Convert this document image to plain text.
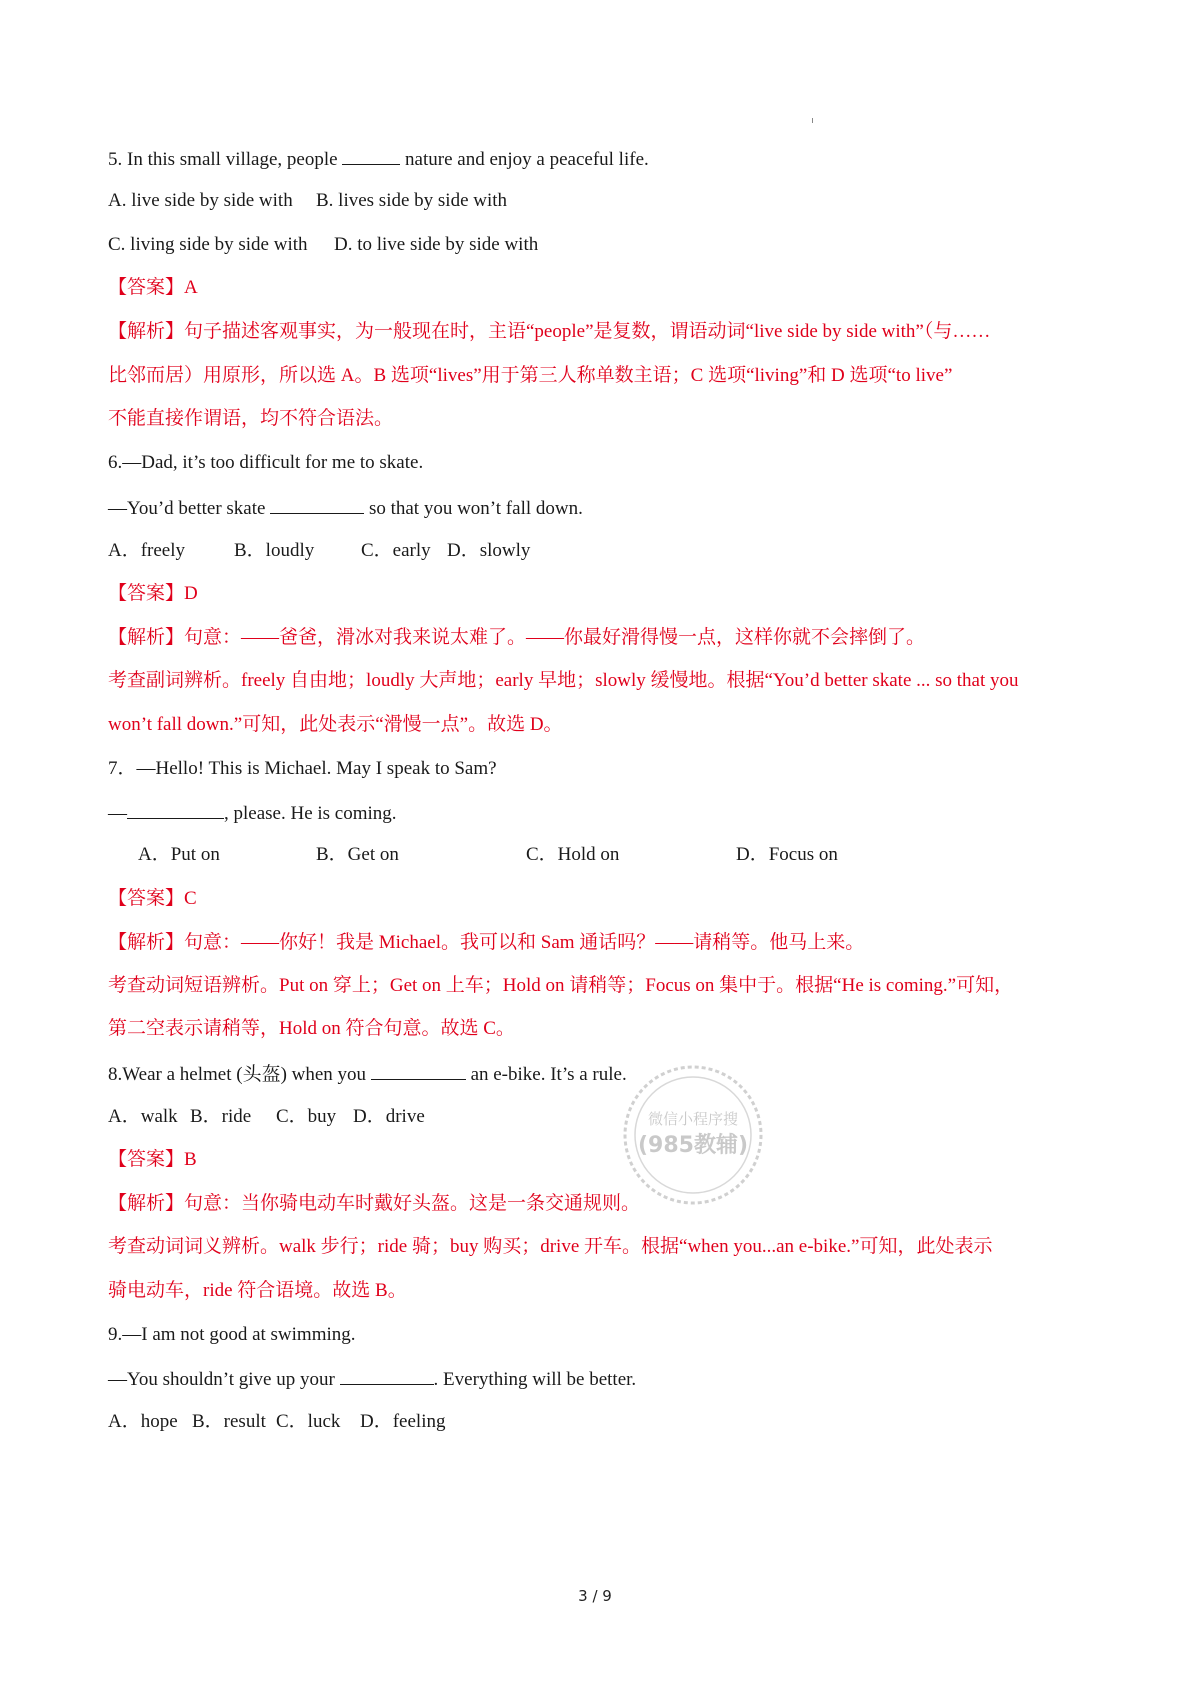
5. In this small village, people	nature and enjoy a peaceful life.
A. live side by side with B. lives side by side with
C. living side by side with D. to live side by side with
【答案】A
【解析】句子描述客观事实，为一般现在时，主语“people”是复数，谓语动词“live side by side with”（与……
比邻而居）用原形，所以选 A。B 选项“lives”用于第三人称单数主语；C 选项“living”和 D 选项“to live”
不能直接作谓语，均不符合语法。
6.—Dad, it’s too difficult for me to skate.
—You’d better skate	so that you won’t fall down.
A．freely	B．loudly C．early D．slowly
【答案】D
【解析】句意：——爸爸，滑冰对我来说太难了。——你最好滑得慢一点，这样你就不会摔倒了。
考查副词辨析。freely 自由地；loudly 大声地；early 早地；slowly 缓慢地。根据“You’d better skate ... so that you
won’t fall down.”可知，此处表示“滑慢一点”。故选 D。
7．—Hello! This is Michael. May I speak to Sam?
—	, please. He is coming.
A．Put on	B．Get on	C．Hold on	D．Focus on
【答案】C
【解析】句意：——你好！我是 Michael。我可以和 Sam 通话吗？——请稍等。他马上来。
考查动词短语辨析。Put on 穿上；Get on 上车；Hold on 请稍等；Focus on 集中于。根据“He is coming.”可知，
第二空表示请稍等，Hold on 符合句意。故选 C。
8.Wear a helmet (头盔) when you	an e-bike. It’s a rule.
A．walk B．ride C．buy D．drive
【答案】B
【解析】句意：当你骑电动车时戴好头盔。这是一条交通规则。
考查动词词义辨析。walk 步行；ride 骑；buy 购买；drive 开车。根据“when you...an e-bike.”可知，此处表示
骑电动车，ride 符合语境。故选 B。
9.—I am not good at swimming.
—You shouldn’t give up your	. Everything will be better.
A．hope B．result C．luck D．feeling
微信小程序搜
(985教辅)
3 / 9
